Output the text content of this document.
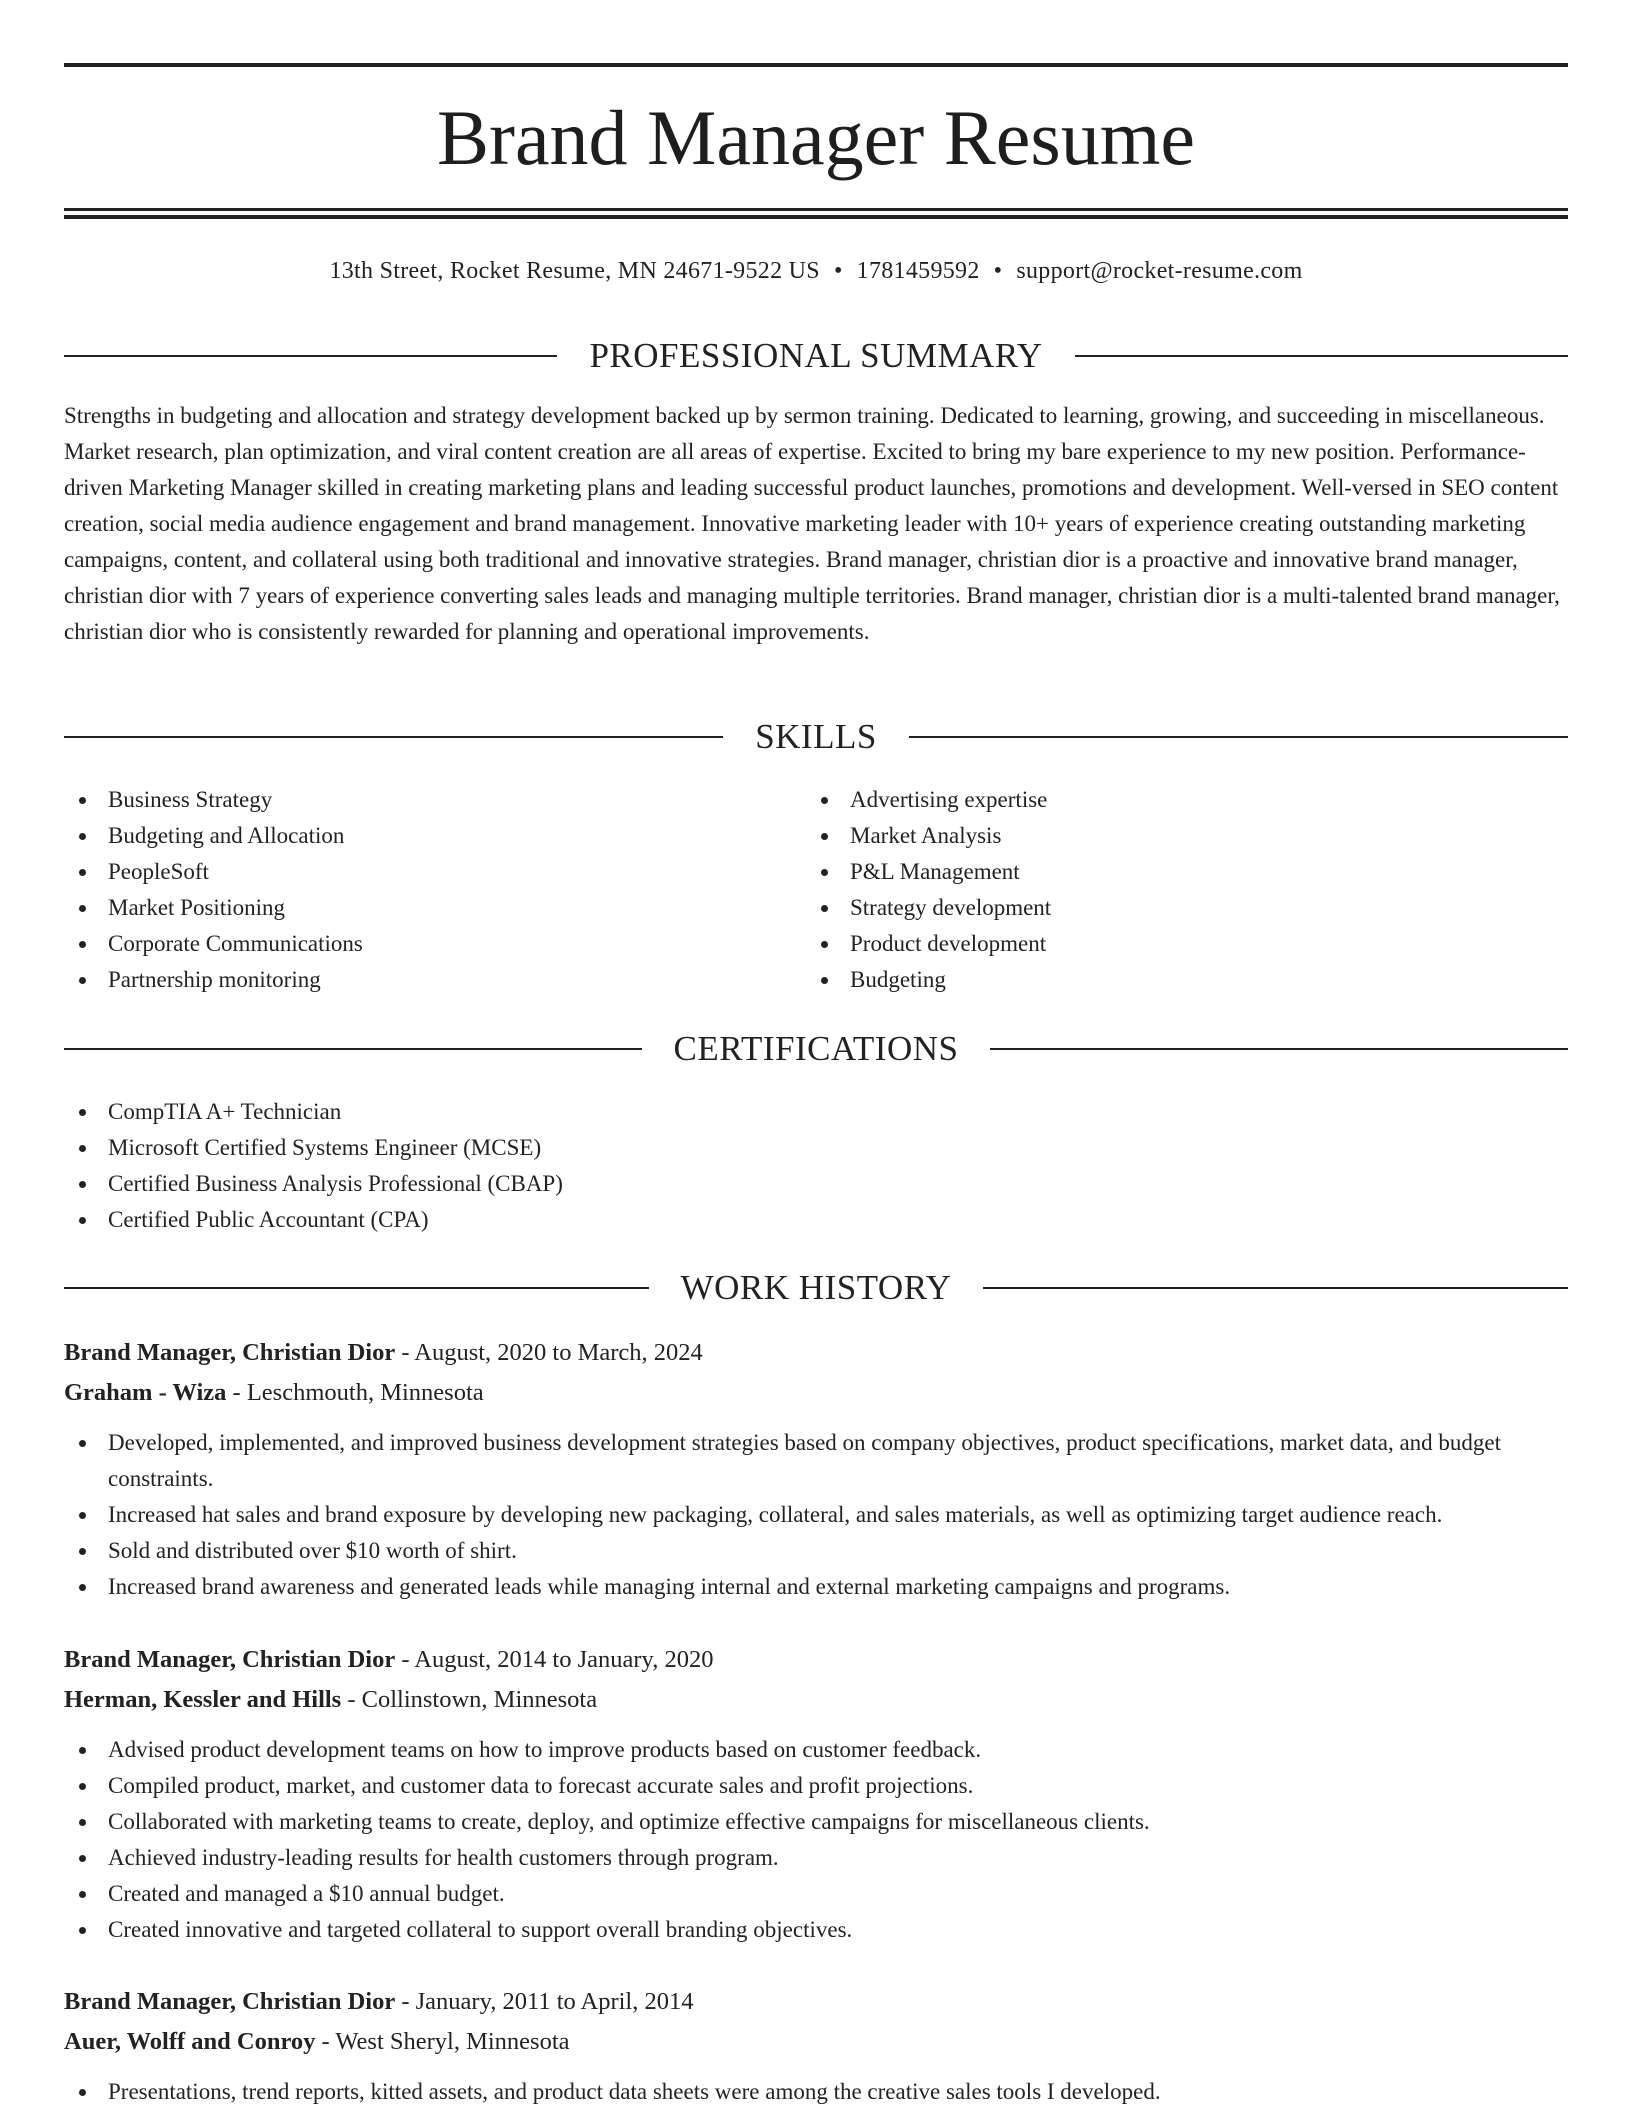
Brand Manager Resume
13th Street, Rocket Resume, MN 24671-9522 US • 1781459592 • support@rocket-resume.com
PROFESSIONAL SUMMARY

Strengths in budgeting and allocation and strategy development backed up by sermon training. Dedicated to learning, growing, and succeeding in miscellaneous. Market research, plan optimization, and viral content creation are all areas of expertise. Excited to bring my bare experience to my new position. Performance-driven Marketing Manager skilled in creating marketing plans and leading successful product launches, promotions and development. Well-versed in SEO content creation, social media audience engagement and brand management. Innovative marketing leader with 10+ years of experience creating outstanding marketing campaigns, content, and collateral using both traditional and innovative strategies. Brand manager, christian dior is a proactive and innovative brand manager, christian dior with 7 years of experience converting sales leads and managing multiple territories. Brand manager, christian dior is a multi-talented brand manager, christian dior who is consistently rewarded for planning and operational improvements.

SKILLS
Business Strategy
Budgeting and Allocation
PeopleSoft
Market Positioning
Corporate Communications
Partnership monitoring
Advertising expertise
Market Analysis
P&L Management
Strategy development
Product development
Budgeting
CERTIFICATIONS
CompTIA A+ Technician
Microsoft Certified Systems Engineer (MCSE)
Certified Business Analysis Professional (CBAP)
Certified Public Accountant (CPA)
WORK HISTORY
Brand Manager, Christian Dior - August, 2020 to March, 2024
Graham - Wiza - Leschmouth, Minnesota
Developed, implemented, and improved business development strategies based on company objectives, product specifications, market data, and budget constraints.
Increased hat sales and brand exposure by developing new packaging, collateral, and sales materials, as well as optimizing target audience reach.
Sold and distributed over $10 worth of shirt.
Increased brand awareness and generated leads while managing internal and external marketing campaigns and programs.
Brand Manager, Christian Dior - August, 2014 to January, 2020
Herman, Kessler and Hills - Collinstown, Minnesota
Advised product development teams on how to improve products based on customer feedback.
Compiled product, market, and customer data to forecast accurate sales and profit projections.
Collaborated with marketing teams to create, deploy, and optimize effective campaigns for miscellaneous clients.
Achieved industry-leading results for health customers through program.
Created and managed a $10 annual budget.
Created innovative and targeted collateral to support overall branding objectives.
Brand Manager, Christian Dior - January, 2011 to April, 2014
Auer, Wolff and Conroy - West Sheryl, Minnesota
Presentations, trend reports, kitted assets, and product data sheets were among the creative sales tools I developed.
